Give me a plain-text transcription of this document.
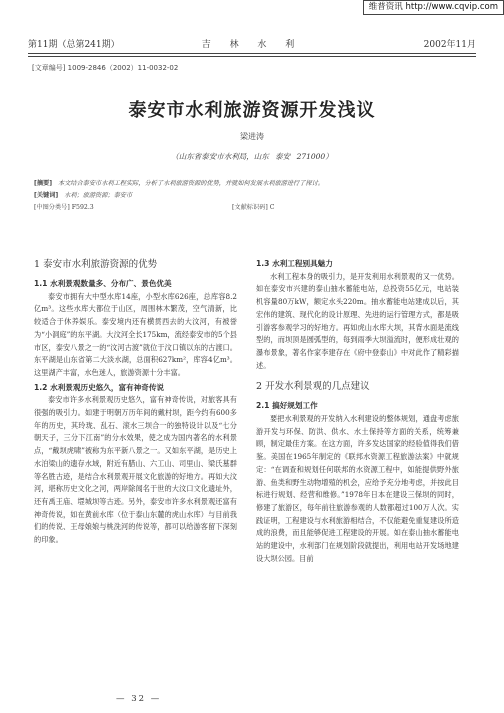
维普资讯 http://www.cqvip.com
第11期（总第241期）	吉 林 水 利	2002年11月
[文章编号] 1009-2846（2002）11-0032-02
泰安市水利旅游资源开发浅议
梁进涛
（山东省泰安市水利局，山东 泰安 271000）
[摘要] 本文结合泰安市水利工程实际，分析了水利旅游资源的优势，并就如何发展水利旅游进行了探讨。
[关键词] 水利；旅游资源；泰安市
[中图分类号] F592.3	[文献标识码] C
1 泰安市水利旅游资源的优势
1.1 水利景观数量多、分布广、景色优美

泰安市拥有大中型水库14座，小型水库626座，总库容8.2亿m³。这些水库大都位于山区，周围林木繁茂，空气清新，比较适合于休养娱乐。泰安境内还有横贯西去的大汶河，有被誉为“小洞庭”的东平湖。大汶河全长175km，流经泰安市的5个县市区，泰安八景之一的“汶河古渡”就位于汶口镇以东的古渡口。东平湖是山东省第二大淡水湖，总面积627km²，库容4亿m³。这里湖产丰富，水色迷人，旅游资源十分丰富。

1.2 水利景观历史悠久，富有神奇传说

泰安市许多水利景观历史悠久，富有神奇传说，对旅客具有很强的吸引力。如建于明朝万历年间的戴村坝，距今约有600多年的历史，其玲珑、乱石、滚水三坝合一的独特设计以及“七分朝天子，三分下江南”的分水效果，使之成为国内著名的水利景点，“戴坝虎啸”被称为东平新八景之一。又如东平湖，是历史上水泊梁山的遗存水域，附近有腊山、六工山、司里山、梁氏墓群等名胜古迹，是结合水利景观开展文化旅游的好地方。再如大汶河，堪称历史文化之河，两岸除闻名于世的大汶口文化遗址外，还有禹王庙、堽城坝等古迹。另外，泰安市许多水利景观还富有神奇传说，如在黄前水库（位于泰山东麓的虎山水库）与目前我们的传说、王母娘娘与桃洗河的传说等，都可以给游客留下深刻的印象。

1.3 水利工程别具魅力

水利工程本身的吸引力，是开发利用水利景观的又一优势。如在泰安市兴建的泰山抽水蓄能电站，总投资55亿元，电站装机容量80万kW，额定水头220m。抽水蓄能电站建成以后，其宏伟的建筑、现代化的设计原理、先进的运行管理方式，都是吸引游客参观学习的好地方。再如虎山水库大坝，其背水面是流线型的，而坝顶是圆弧型的，每到雨季大坝溢流时，便形成壮观的瀑布景象，著名作家李建存在《府中登泰山》中对此作了精彩描述。

2 开发水利景观的几点建议
2.1 搞好规划工作

要把水利景观的开发纳入水利建设的整体规划，通盘考虑旅游开发与环保、防洪、供水、水土保持等方面的关系，统筹兼顾，制定最佳方案。在这方面，许多发达国家的经验值得我们借鉴。美国在1965年制定的《联邦水资源工程旅游法案》中就规定：“在调查和规划任何联邦的水资源工程中，如能提供野外旅游、鱼类和野生动物增殖的机会，应给予充分地考虑，并按此目标进行规划、经营和维修。”1978年日本在建设三保坝的同时，修建了旅游区，每年前往旅游参观的人数都超过100万人次。实践证明，工程建设与水利旅游相结合，不仅能避免重复建设所造成的浪费，而且能够促进工程建设的开展。如在泰山抽水蓄能电站的建设中，水利部门在规划阶段就提出，利用电站开发场地建设大坝公园。目前

— 32 —
